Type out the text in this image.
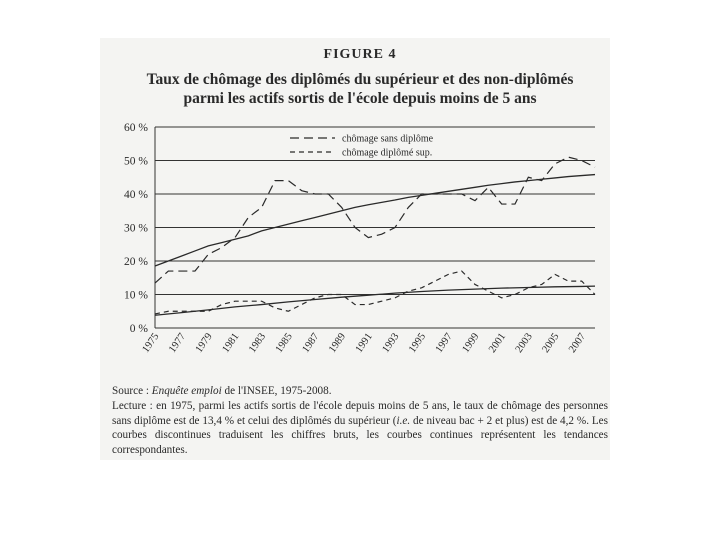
FIGURE 4
Taux de chômage des diplômés du supérieur et des non-diplômés
parmi les actifs sortis de l'école depuis moins de 5 ans
0 %
10 %
20 %
30 %
40 %
50 %
60 %
1975 1977 1979 1981 1983 1985 1987 1989 1991 1993 1995 1997 1999 2001 2003 2005 2007
chômage sans diplôme
chômage diplômé sup.

Source : Enquête emploi de l'INSEE, 1975-2008.

Lecture : en 1975, parmi les actifs sortis de l'école depuis moins de 5 ans, le taux de chômage des personnes sans diplôme est de 13,4 % et celui des diplômés du supérieur (i.e. de niveau bac + 2 et plus) est de 4,2 %. Les courbes discontinues traduisent les chiffres bruts, les courbes continues représentent les tendances correspondantes.
